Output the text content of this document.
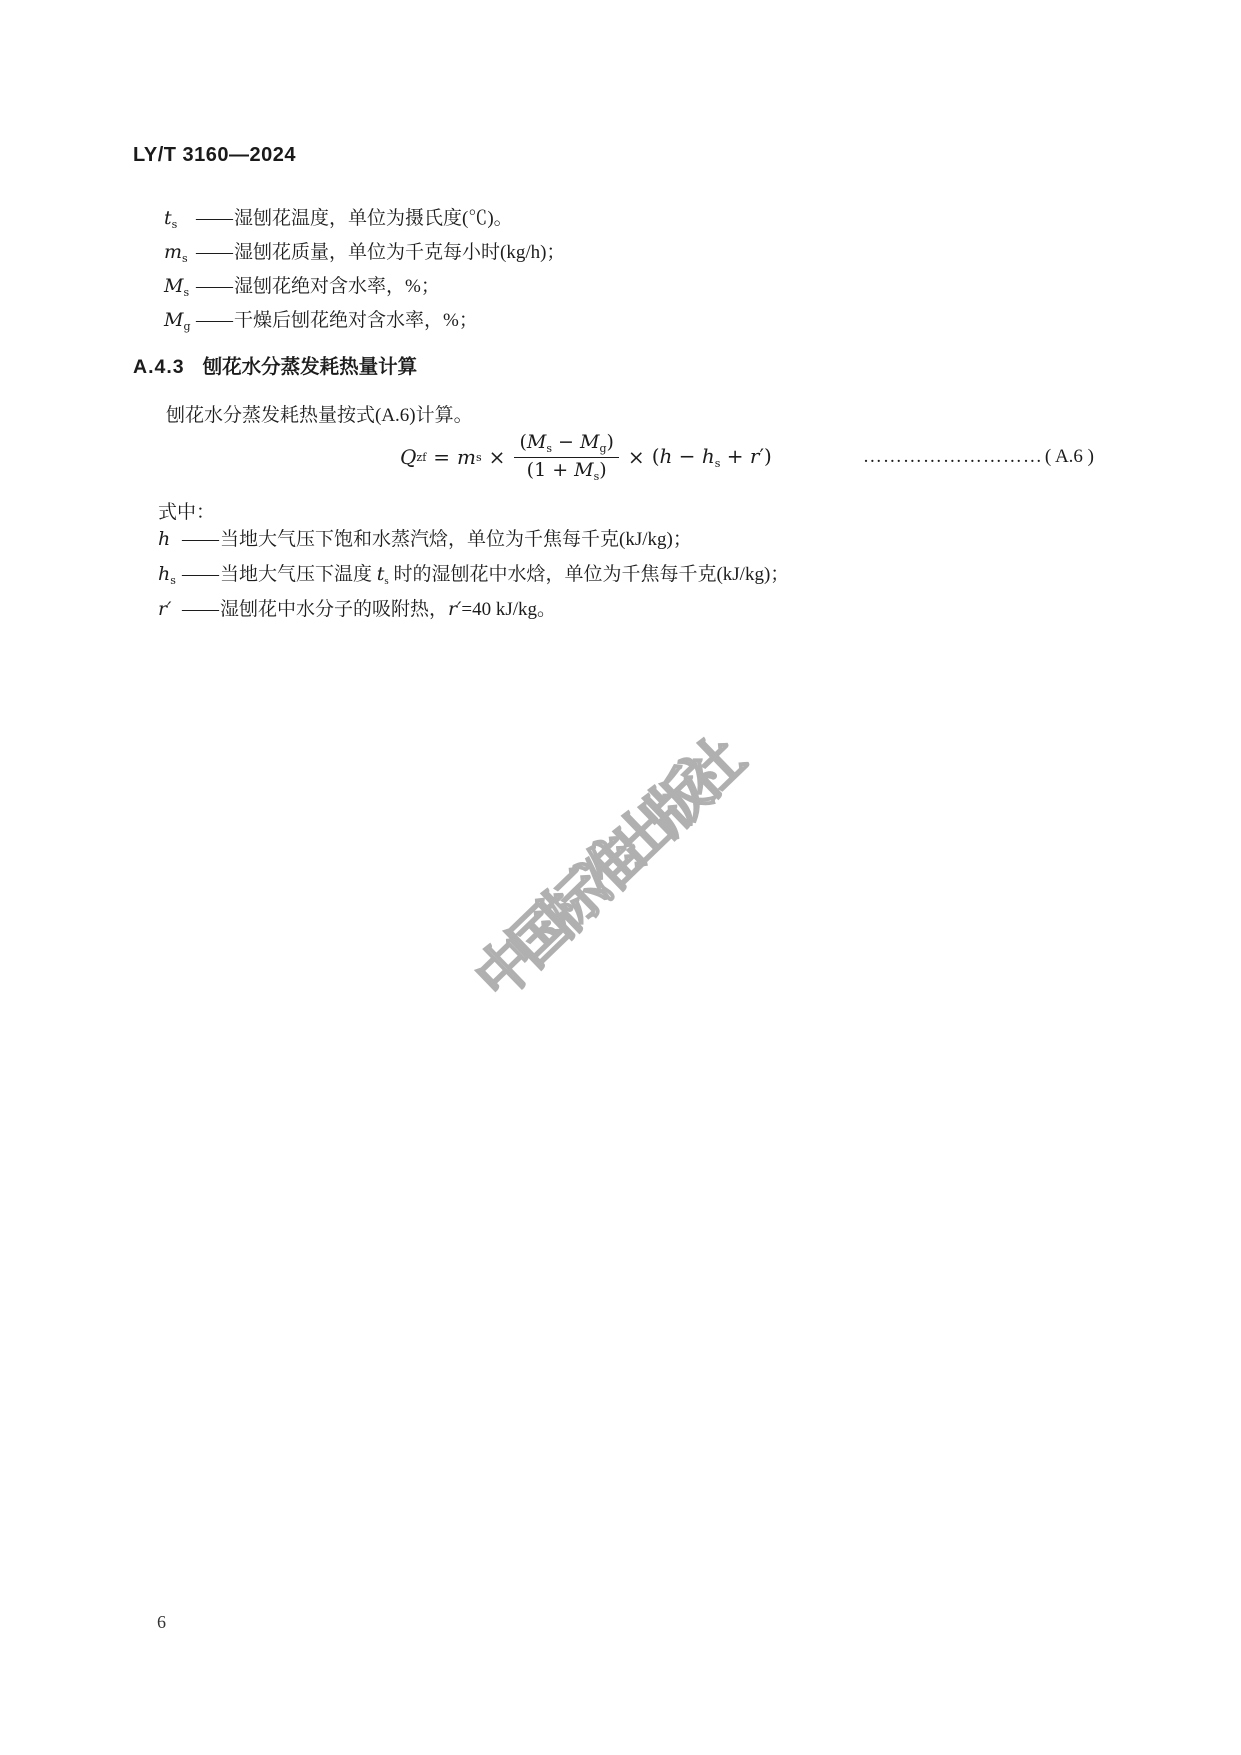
LY/T 3160—2024
$t_s$ —— 湿刨花温度，单位为摄氏度(℃)。
$m_s$ —— 湿刨花质量，单位为千克每小时(kg/h)；
$M_s$ —— 湿刨花绝对含水率，%；
$M_g$ —— 干燥后刨花绝对含水率，%；
A.4.3 刨花水分蒸发耗热量计算
刨花水分蒸发耗热量按式(A.6)计算。
Q zf = m $s \times \frac{(M_s - M_g)}{(1 + M_s)} \times (h - h_s + r')$	……………………… ( A.6 )
式中：
h —— 当地大气压下饱和水蒸汽焓，单位为千焦每千克(kJ/kg)；
$h_s$ —— 当地大气压下温度 $t_s$ 时的湿刨花中水焓，单位为千焦每千克(kJ/kg)；
r′ —— 湿刨花中水分子的吸附热，r′=40 kJ/kg。
中国标准出版社
6
